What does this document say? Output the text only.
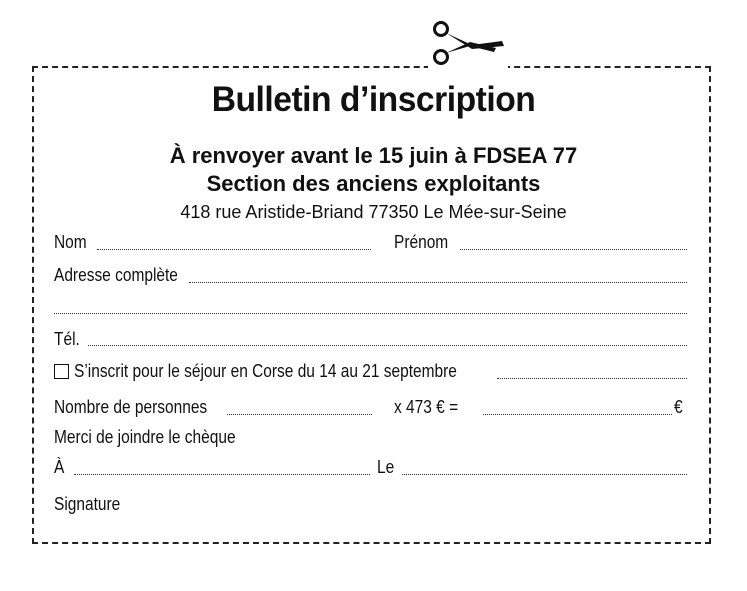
Bulletin d’inscription
À renvoyer avant le 15 juin à FDSEA 77
Section des anciens exploitants
418 rue Aristide-Briand 77350 Le Mée-sur-Seine
Nom	Prénom
Adresse complète
Tél.
S’inscrit pour le séjour en Corse du 14 au 21 septembre
Nombre de personnes	x 473 € =	€
Merci de joindre le chèque
À	Le
Signature
